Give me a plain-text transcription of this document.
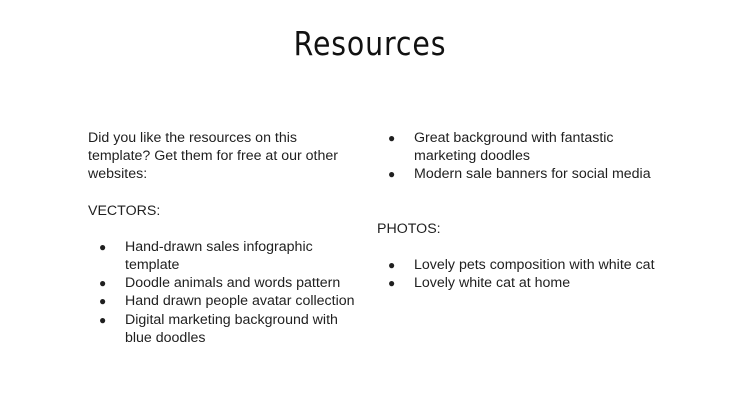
Resources

Did you like the resources on this template? Get them for free at our other websites:

VECTORS:

● Hand-drawn sales infographic template
● Doodle animals and words pattern
● Hand drawn people avatar collection
● Digital marketing background with blue doodles
● Great background with fantastic marketing doodles
● Modern sale banners for social media

PHOTOS:

● Lovely pets composition with white cat
● Lovely white cat at home
